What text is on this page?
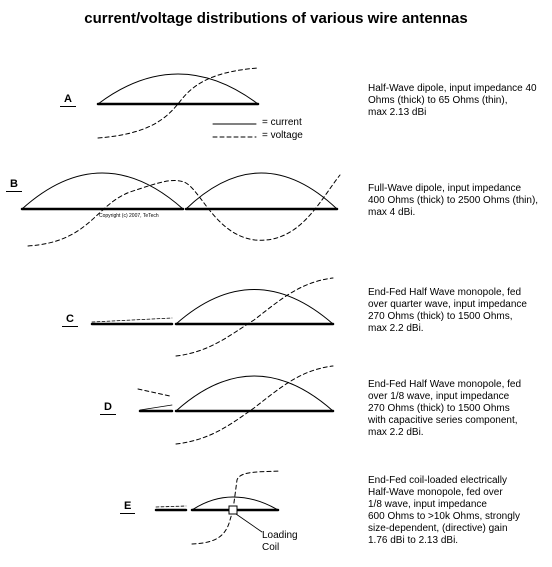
current/voltage distributions of various wire antennas
A
B
C
D
E
= current
= voltage
Copyright (c) 2007, TeTech
Loading
Coil
Half-Wave dipole, input impedance 40
Ohms (thick) to 65 Ohms (thin),
max 2.13 dBi
Full-Wave dipole, input impedance
400 Ohms (thick) to 2500 Ohms (thin),
max 4 dBi.
End-Fed Half Wave monopole, fed
over quarter wave, input impedance
270 Ohms (thick) to 1500 Ohms,
max 2.2 dBi.
End-Fed Half Wave monopole, fed
over 1/8 wave, input impedance
270 Ohms (thick) to 1500 Ohms
with capacitive series component,
max 2.2 dBi.
End-Fed coil-loaded electrically
Half-Wave monopole, fed over
1/8 wave, input impedance
600 Ohms to >10k Ohms, strongly
size-dependent, (directive) gain
1.76 dBi to 2.13 dBi.
